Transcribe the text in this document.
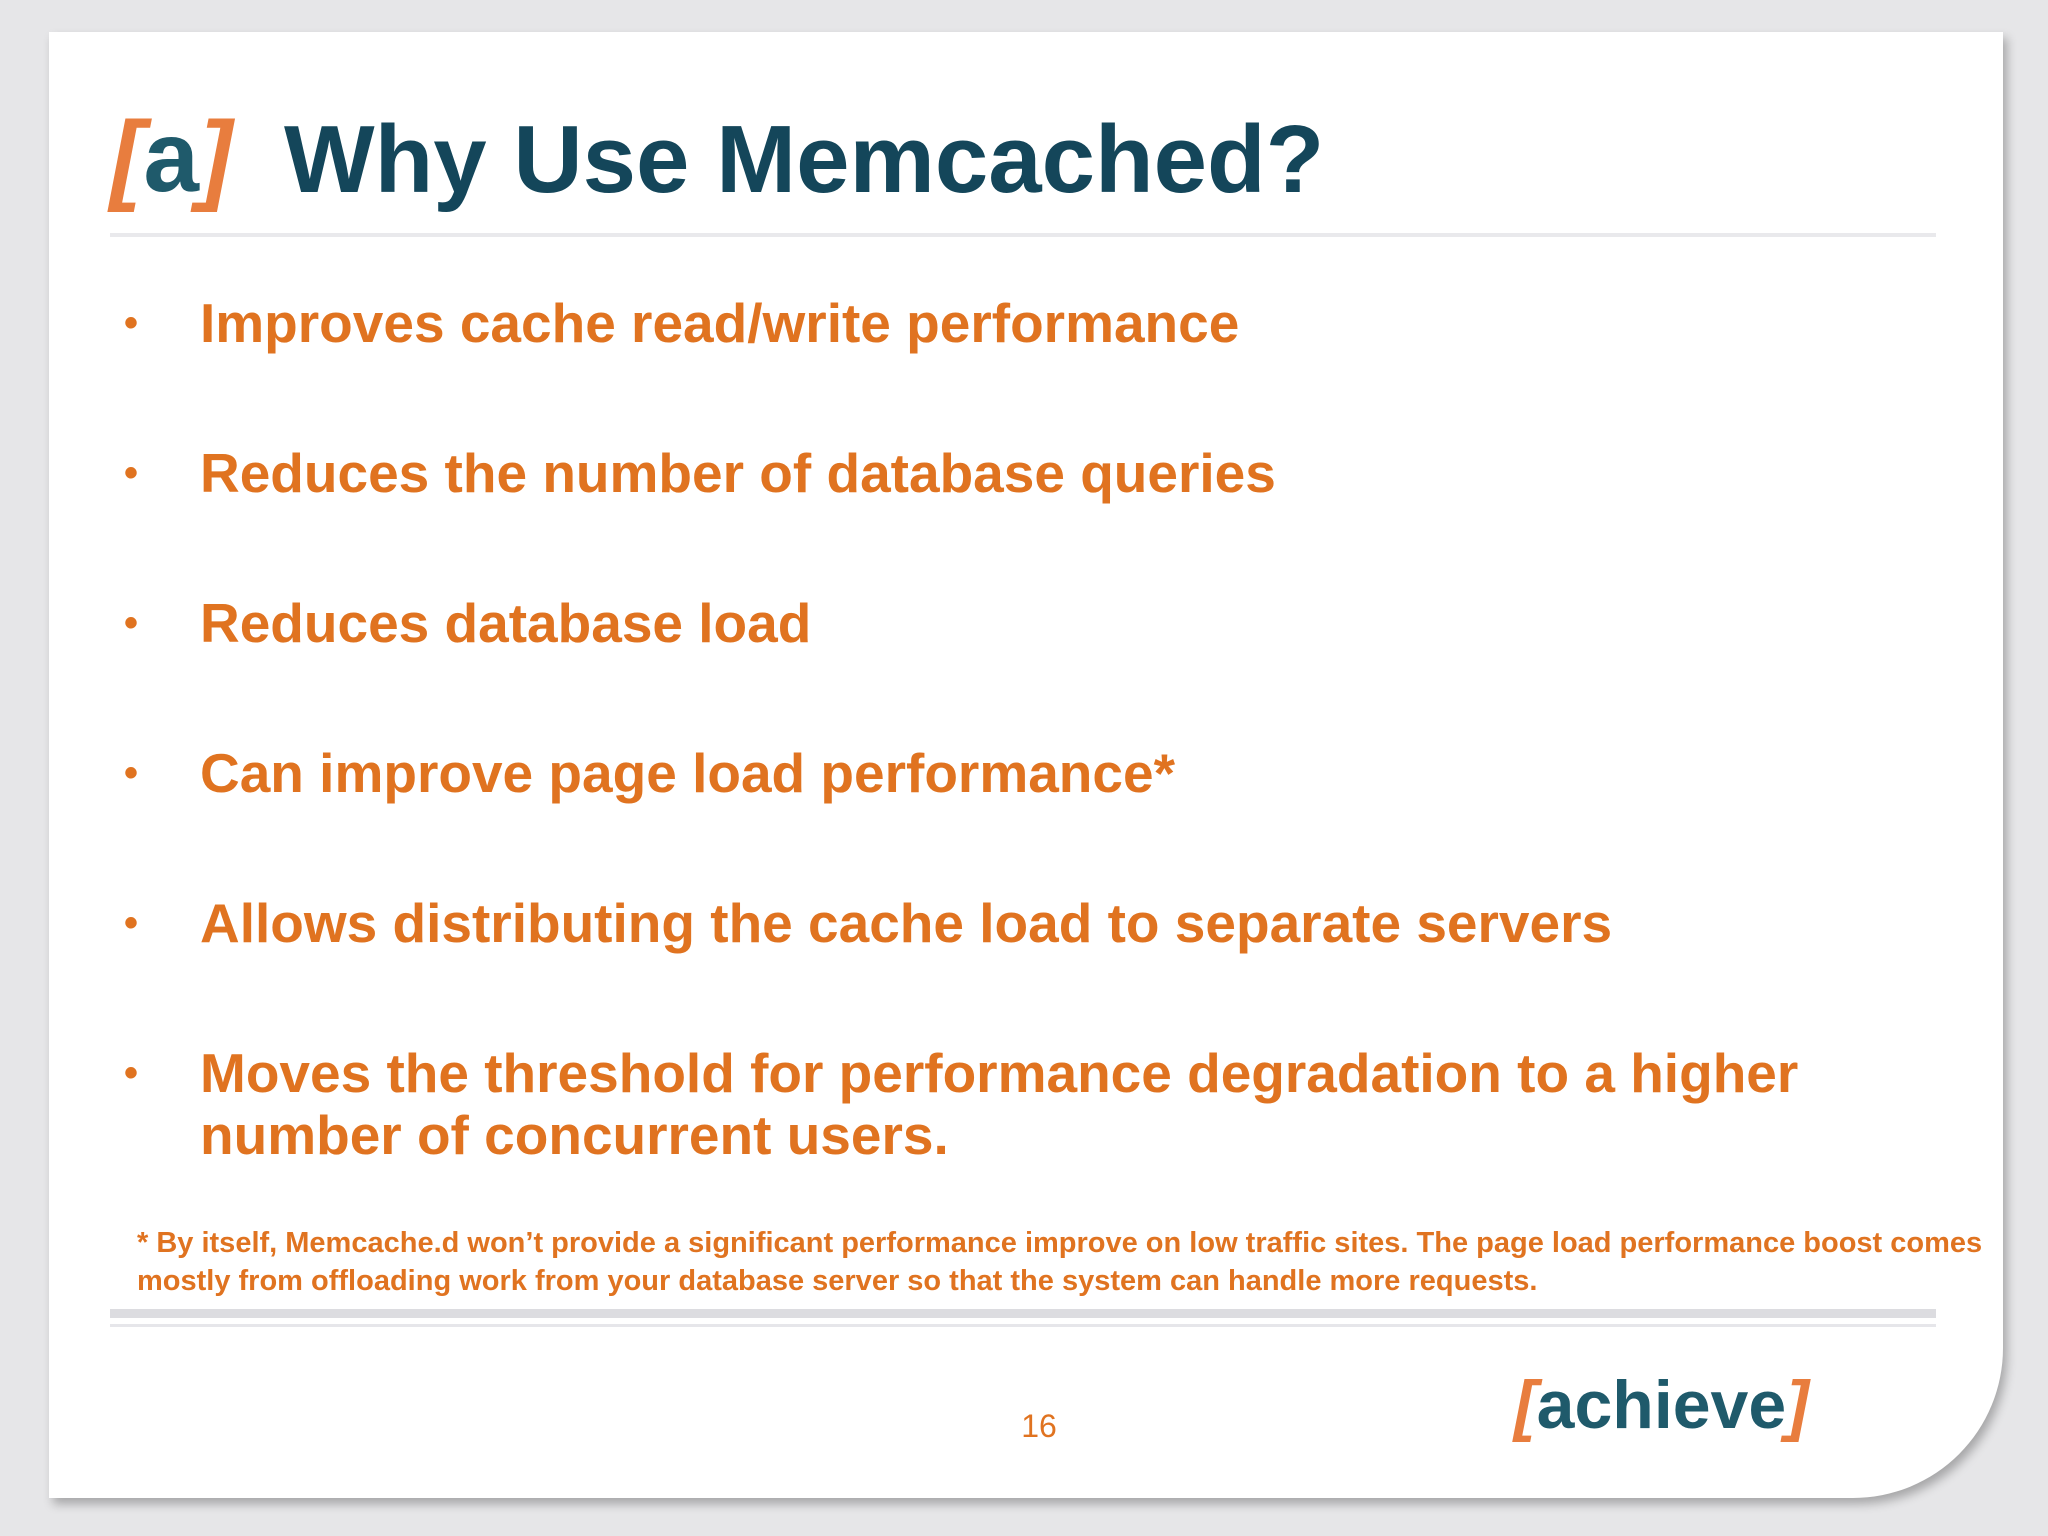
[a] Why Use Memcached?
•	Improves cache read/write performance
•	Reduces the number of database queries
•	Reduces database load
•	Can improve page load performance*
•	Allows distributing the cache load to separate servers
•	Moves the threshold for performance degradation to a higher number of concurrent users.

* By itself, Memcache.d won’t provide a significant performance improve on low traffic sites. The page load performance boost comes mostly from offloading work from your database server so that the system can handle more requests.

16	[achieve]
